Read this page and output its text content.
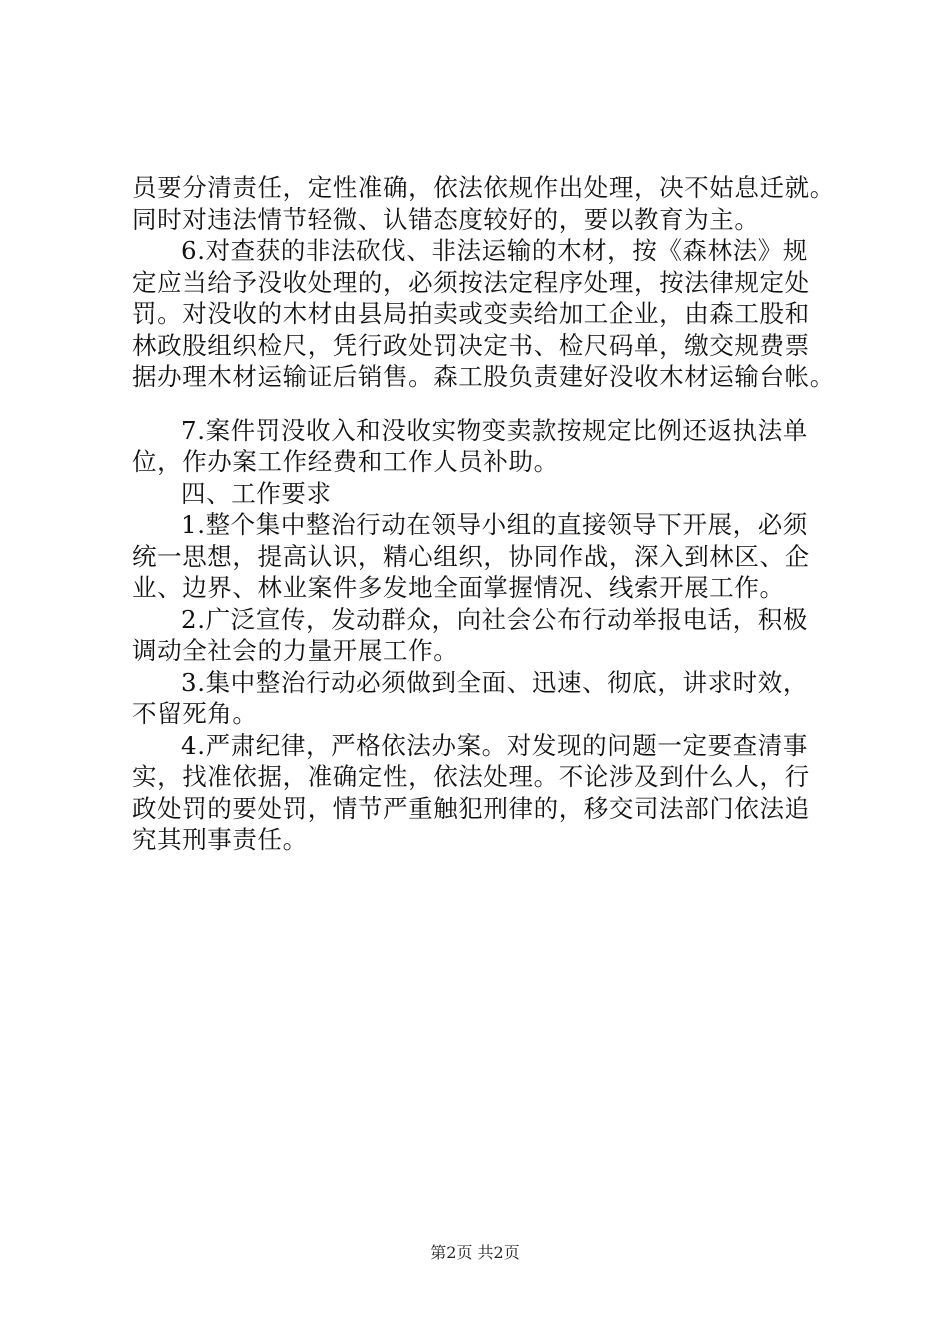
员要分清责任，定性准确，依法依规作出处理，决不姑息迁就。
同时对违法情节轻微、认错态度较好的，要以教育为主。

6.对查获的非法砍伐、非法运输的木材，按《森林法》规
定应当给予没收处理的，必须按法定程序处理，按法律规定处
罚。对没收的木材由县局拍卖或变卖给加工企业，由森工股和
林政股组织检尺，凭行政处罚决定书、检尺码单，缴交规费票
据办理木材运输证后销售。森工股负责建好没收木材运输台帐。

7.案件罚没收入和没收实物变卖款按规定比例还返执法单
位，作办案工作经费和工作人员补助。

四、工作要求

1.整个集中整治行动在领导小组的直接领导下开展，必须
统一思想，提高认识，精心组织，协同作战，深入到林区、企
业、边界、林业案件多发地全面掌握情况、线索开展工作。

2.广泛宣传，发动群众，向社会公布行动举报电话，积极
调动全社会的力量开展工作。

3.集中整治行动必须做到全面、迅速、彻底，讲求时效，
不留死角。

4.严肃纪律，严格依法办案。对发现的问题一定要查清事
实，找准依据，准确定性，依法处理。不论涉及到什么人，行
政处罚的要处罚，情节严重触犯刑律的，移交司法部门依法追
究其刑事责任。

第2页 共2页
